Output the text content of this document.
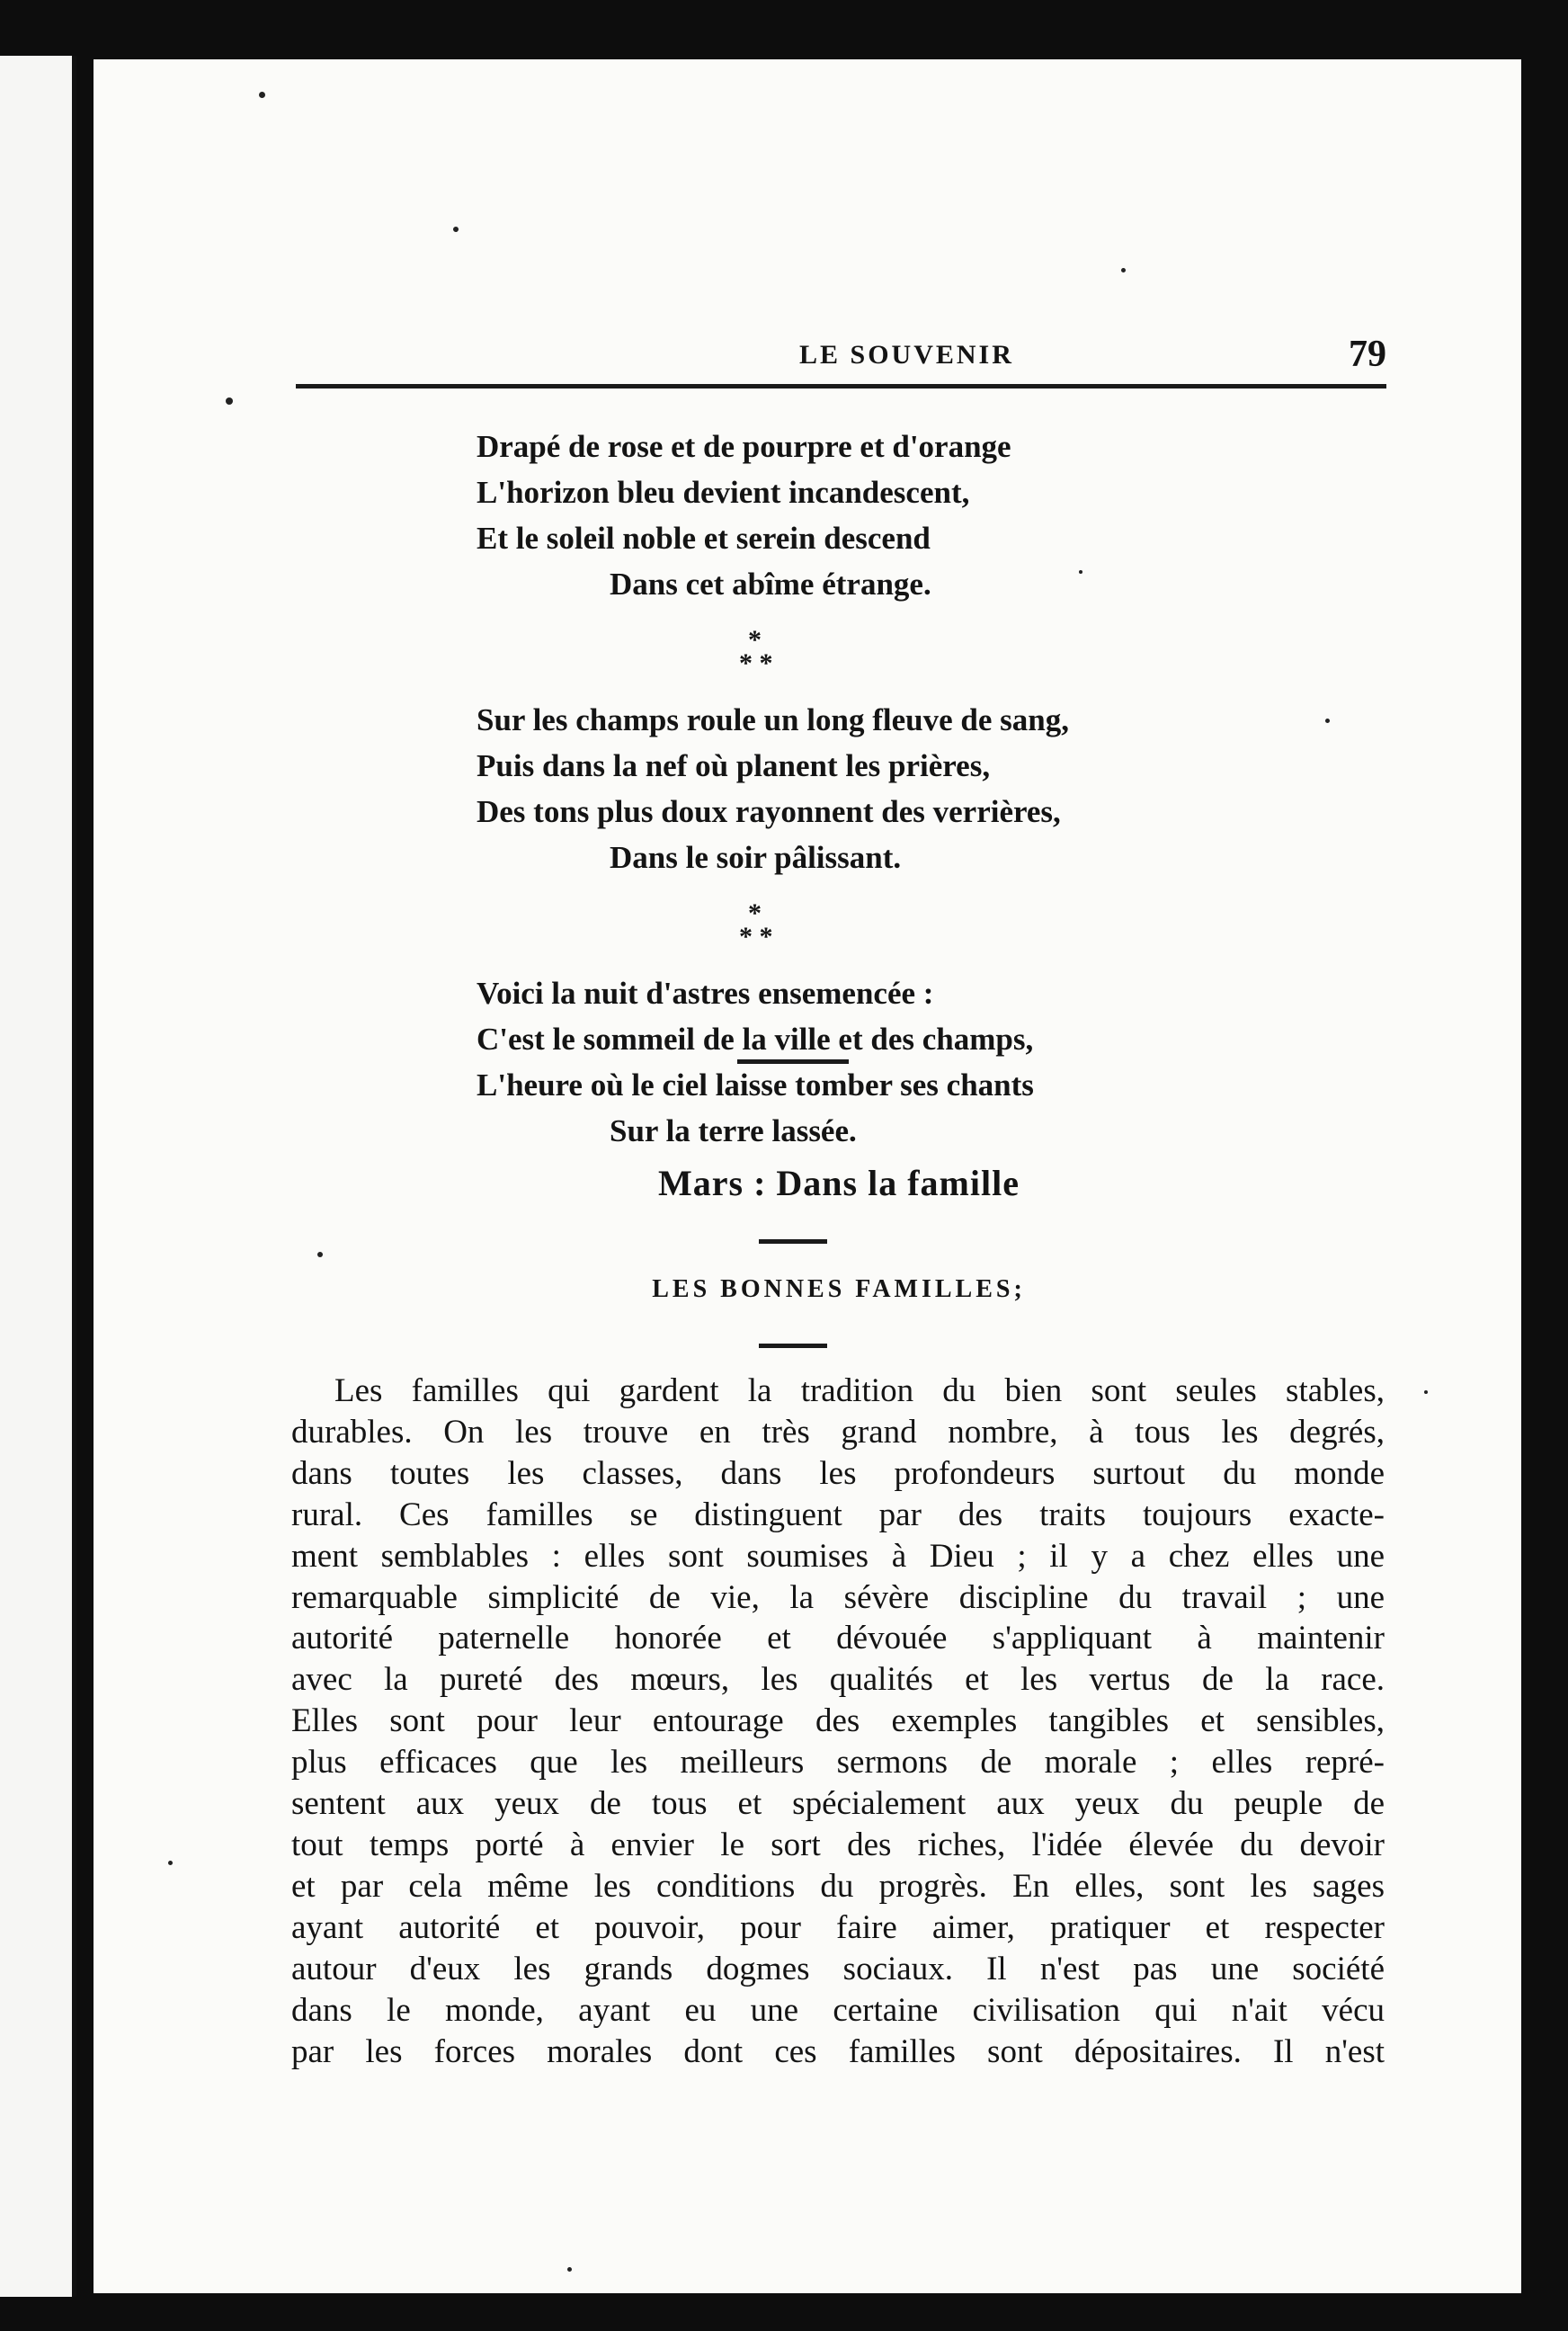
LE SOUVENIR	79
Drapé de rose et de pourpre et d'orange
L'horizon bleu devient incandescent,
Et le soleil noble et serein descend
Dans cet abîme étrange.
*
* *
Sur les champs roule un long fleuve de sang,
Puis dans la nef où planent les prières,
Des tons plus doux rayonnent des verrières,
Dans le soir pâlissant.
*
* *
Voici la nuit d'astres ensemencée :
C'est le sommeil de la ville et des champs,
L'heure où le ciel laisse tomber ses chants
Sur la terre lassée.
Mars : Dans la famille
LES BONNES FAMILLES;
Les familles qui gardent la tradition du bien sont seules stables,
durables. On les trouve en très grand nombre, à tous les degrés,
dans toutes les classes, dans les profondeurs surtout du monde
rural. Ces familles se distinguent par des traits toujours exacte-
ment semblables : elles sont soumises à Dieu ; il y a chez elles une
remarquable simplicité de vie, la sévère discipline du travail ; une
autorité paternelle honorée et dévouée s'appliquant à maintenir
avec la pureté des mœurs, les qualités et les vertus de la race.
Elles sont pour leur entourage des exemples tangibles et sensibles,
plus efficaces que les meilleurs sermons de morale ; elles repré-
sentent aux yeux de tous et spécialement aux yeux du peuple de
tout temps porté à envier le sort des riches, l'idée élevée du devoir
et par cela même les conditions du progrès. En elles, sont les sages
ayant autorité et pouvoir, pour faire aimer, pratiquer et respecter
autour d'eux les grands dogmes sociaux. Il n'est pas une société
dans le monde, ayant eu une certaine civilisation qui n'ait vécu
par les forces morales dont ces familles sont dépositaires. Il n'est
